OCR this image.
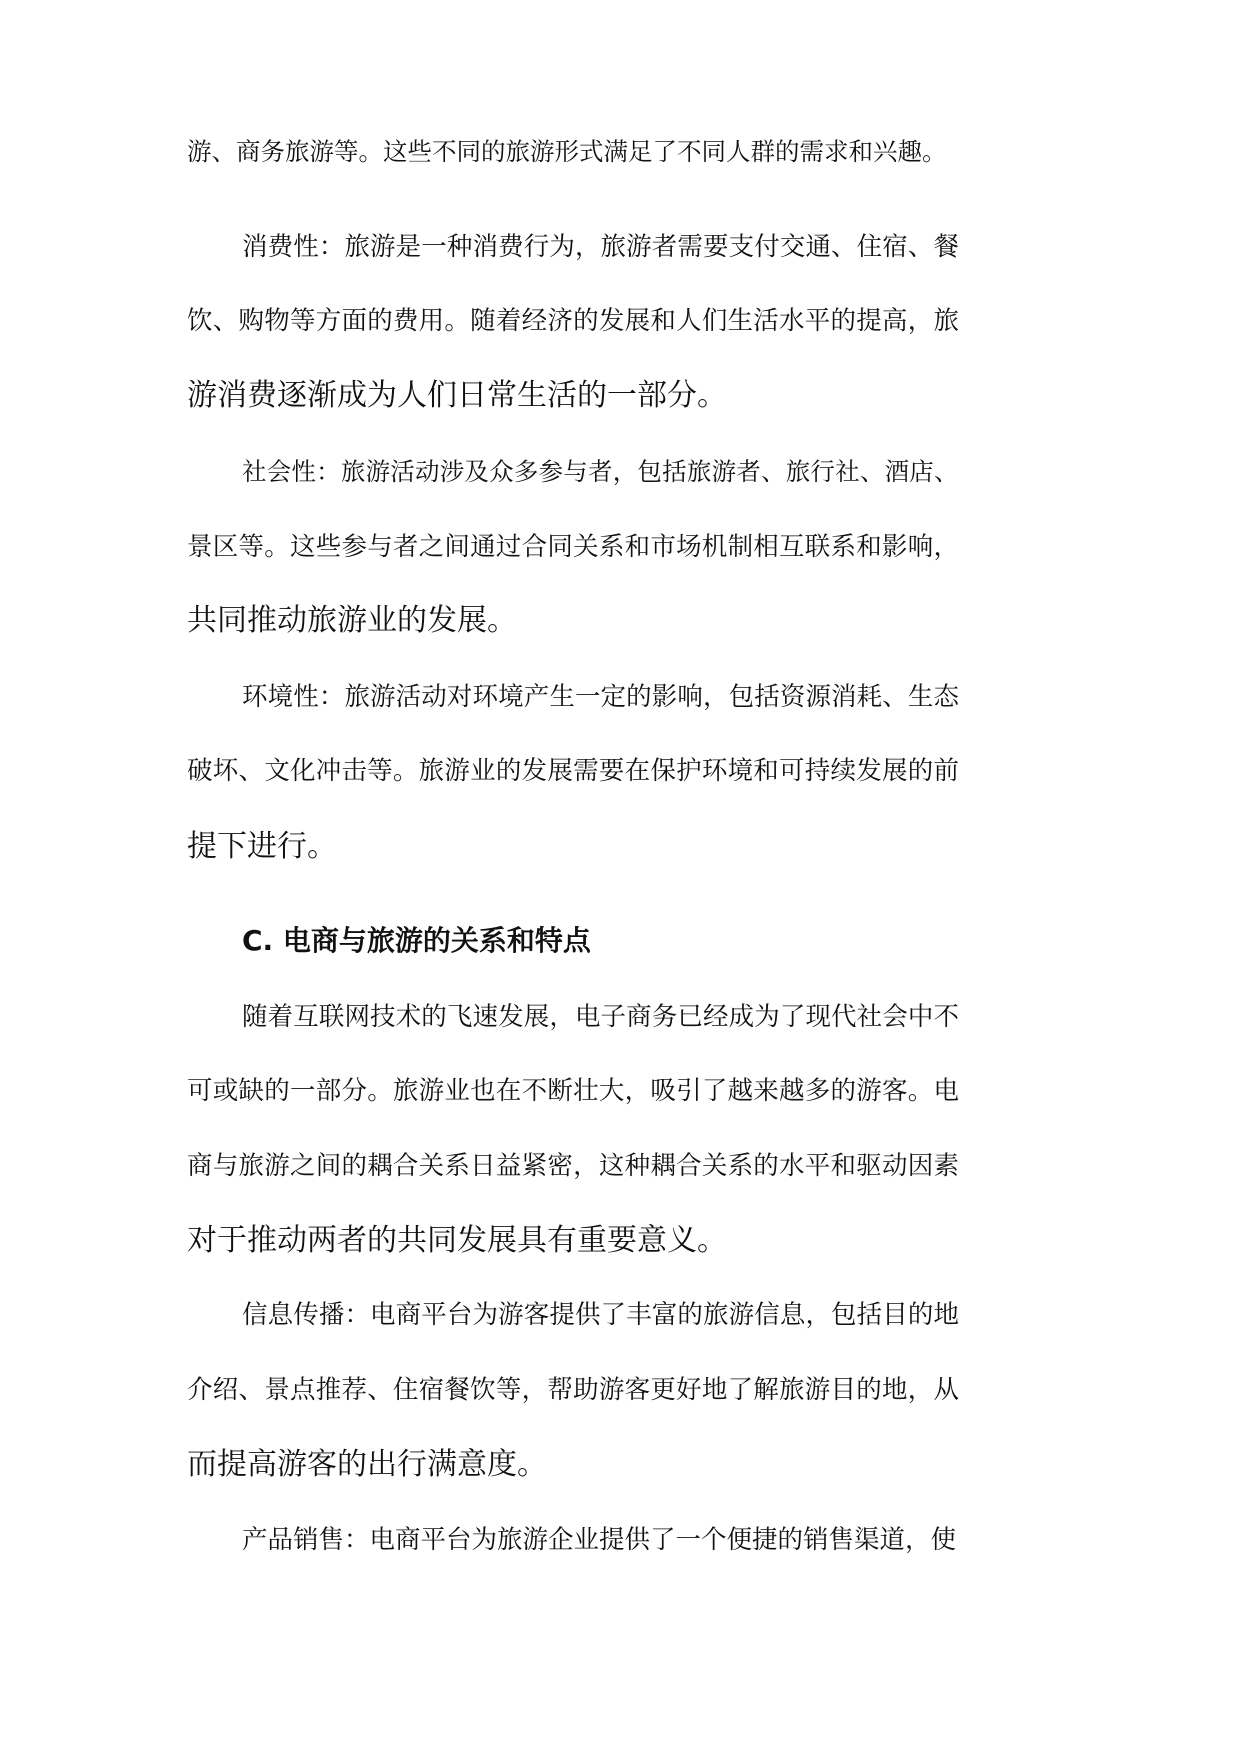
游、商务旅游等。这些不同的旅游形式满足了不同人群的需求和兴趣。
消费性：旅游是一种消费行为，旅游者需要支付交通、住宿、餐
饮、购物等方面的费用。随着经济的发展和人们生活水平的提高，旅
游消费逐渐成为人们日常生活的一部分。
社会性：旅游活动涉及众多参与者，包括旅游者、旅行社、酒店、
景区等。这些参与者之间通过合同关系和市场机制相互联系和影响，
共同推动旅游业的发展。
环境性：旅游活动对环境产生一定的影响，包括资源消耗、生态
破坏、文化冲击等。旅游业的发展需要在保护环境和可持续发展的前
提下进行。
C. 电商与旅游的关系和特点
随着互联网技术的飞速发展，电子商务已经成为了现代社会中不
可或缺的一部分。旅游业也在不断壮大，吸引了越来越多的游客。电
商与旅游之间的耦合关系日益紧密，这种耦合关系的水平和驱动因素
对于推动两者的共同发展具有重要意义。
信息传播：电商平台为游客提供了丰富的旅游信息，包括目的地
介绍、景点推荐、住宿餐饮等，帮助游客更好地了解旅游目的地，从
而提高游客的出行满意度。
产品销售：电商平台为旅游企业提供了一个便捷的销售渠道，使
